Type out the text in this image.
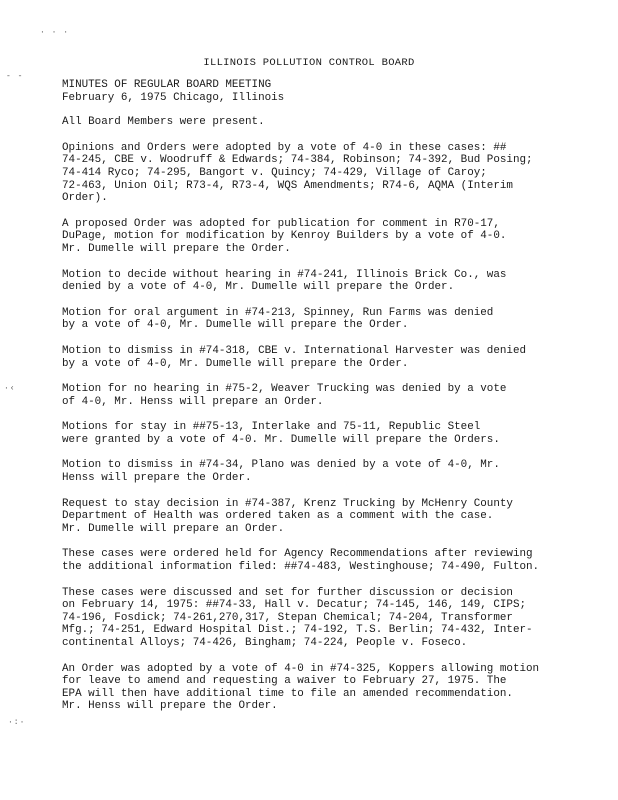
· · ·
- -
·‹
·:·
ILLINOIS POLLUTION CONTROL BOARD
MINUTES OF REGULAR BOARD MEETING
February 6, 1975 Chicago, Illinois

All Board Members were present.

Opinions and Orders were adopted by a vote of 4-0 in these cases: ##
74-245, CBE v. Woodruff & Edwards; 74-384, Robinson; 74-392, Bud Posing;
74-414 Ryco; 74-295, Bangort v. Quincy; 74-429, Village of Caroy;
72-463, Union Oil; R73-4, R73-4, WQS Amendments; R74-6, AQMA (Interim
Order).

A proposed Order was adopted for publication for comment in R70-17,
DuPage, motion for modification by Kenroy Builders by a vote of 4-0.
Mr. Dumelle will prepare the Order.

Motion to decide without hearing in #74-241, Illinois Brick Co., was
denied by a vote of 4-0, Mr. Dumelle will prepare the Order.

Motion for oral argument in #74-213, Spinney, Run Farms was denied
by a vote of 4-0, Mr. Dumelle will prepare the Order.

Motion to dismiss in #74-318, CBE v. International Harvester was denied
by a vote of 4-0, Mr. Dumelle will prepare the Order.

Motion for no hearing in #75-2, Weaver Trucking was denied by a vote
of 4-0, Mr. Henss will prepare an Order.

Motions for stay in ##75-13, Interlake and 75-11, Republic Steel
were granted by a vote of 4-0. Mr. Dumelle will prepare the Orders.

Motion to dismiss in #74-34, Plano was denied by a vote of 4-0, Mr.
Henss will prepare the Order.

Request to stay decision in #74-387, Krenz Trucking by McHenry County
Department of Health was ordered taken as a comment with the case.
Mr. Dumelle will prepare an Order.

These cases were ordered held for Agency Recommendations after reviewing
the additional information filed: ##74-483, Westinghouse; 74-490, Fulton.

These cases were discussed and set for further discussion or decision
on February 14, 1975: ##74-33, Hall v. Decatur; 74-145, 146, 149, CIPS;
74-196, Fosdick; 74-261,270,317, Stepan Chemical; 74-204, Transformer
Mfg.; 74-251, Edward Hospital Dist.; 74-192, T.S. Berlin; 74-432, Inter-
continental Alloys; 74-426, Bingham; 74-224, People v. Foseco.

An Order was adopted by a vote of 4-0 in #74-325, Koppers allowing motion
for leave to amend and requesting a waiver to February 27, 1975. The
EPA will then have additional time to file an amended recommendation.
Mr. Henss will prepare the Order.
